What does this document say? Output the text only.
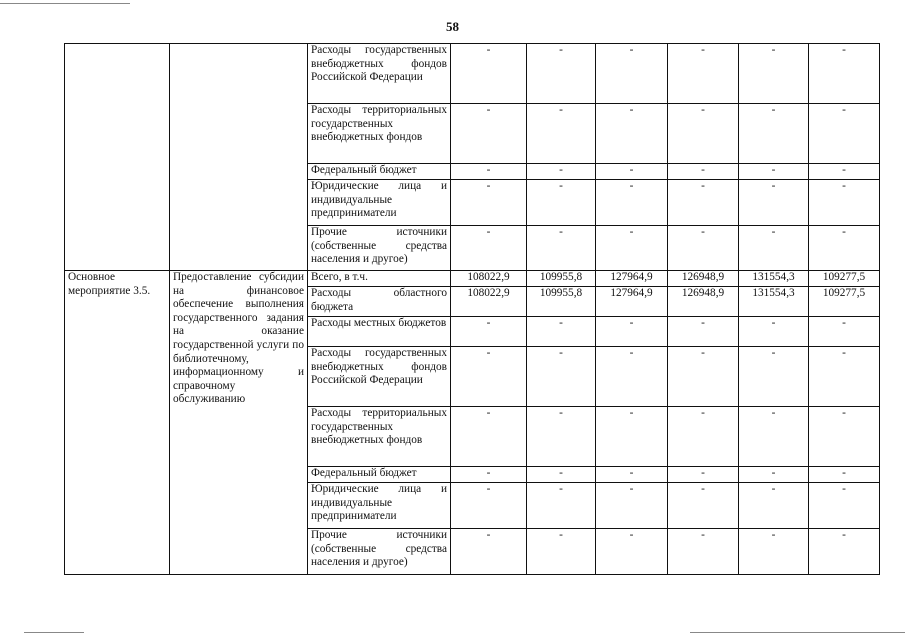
58

		Расходы государственных внебюджетных фондов Российской Федерации	-	-	-	-	-	-

		Расходы территориальных государственных внебюджетных фондов	-	-	-	-	-	-

		Федеральный бюджет	-	-	-	-	-	-

		Юридические лица и индивидуальные предприниматели	-	-	-	-	-	-

		Прочие источники (собственные средства населения и другое)	-	-	-	-	-	-
Основное мероприятие 3.5.	Предоставление субсидии на финансовое обеспечение выполнения государственного задания на оказание государственной услуги по библиотечному, информационному и справочному обслуживанию	Всего, в т.ч.	108022,9	109955,8	127964,9	126948,9	131554,3	109277,5

		Расходы областного бюджета	108022,9	109955,8	127964,9	126948,9	131554,3	109277,5

		Расходы местных бюджетов	-	-	-	-	-	-

		Расходы государственных внебюджетных фондов Российской Федерации	-	-	-	-	-	-

		Расходы территориальных государственных внебюджетных фондов	-	-	-	-	-	-

		Федеральный бюджет	-	-	-	-	-	-

		Юридические лица и индивидуальные предприниматели	-	-	-	-	-	-

		Прочие источники (собственные средства населения и другое)	-	-	-	-	-	-
